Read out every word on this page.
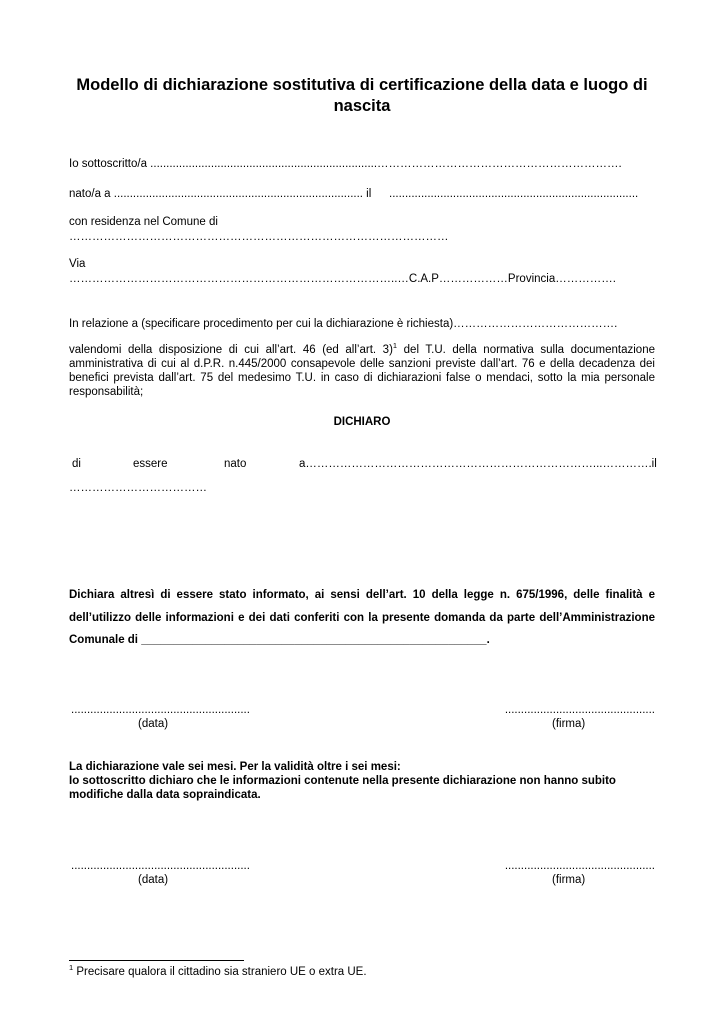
Modello di dichiarazione sostitutiva di certificazione della data e luogo di nascita

Io sottoscritto/a .......................................................................……………………………………………………….

nato/a a .............................................................................. il ..............................................................................

con residenza nel Comune di

………………………………………………………………………………………

Via

…………………………………………………………………………..…C.A.P………………Provincia…………….

In relazione a (specificare procedimento per cui la dichiarazione è richiesta)…………………………………….

valendomi della disposizione di cui all’art. 46 (ed all’art. 3)$^1$ del T.U. della normativa sulla documentazione amministrativa di cui al d.P.R. n.445/2000 consapevole delle sanzioni previste dall’art. 76 e della decadenza dei benefici prevista dall’art. 75 del medesimo T.U. in caso di dichiarazioni false o mendaci, sotto la mia personale responsabilità;

DICHIARO

di	essere	nato	a…………………………………………………………………...………….il

………………………………

Dichiara altresì di essere stato informato, ai sensi dell’art. 10 della legge n. 675/1996, delle finalità e dell’utilizzo delle informazioni e dei dati conferiti con la presente domanda da parte dell’Amministrazione Comunale di ______________________________________________________.

........................................................

(data)

...............................................

(firma)

La dichiarazione vale sei mesi. Per la validità oltre i sei mesi:

Io sottoscritto dichiaro che le informazioni contenute nella presente dichiarazione non hanno subito modifiche dalla data sopraindicata.

........................................................

(data)

...............................................

(firma)

$^1$ Precisare qualora il cittadino sia straniero UE o extra UE.
